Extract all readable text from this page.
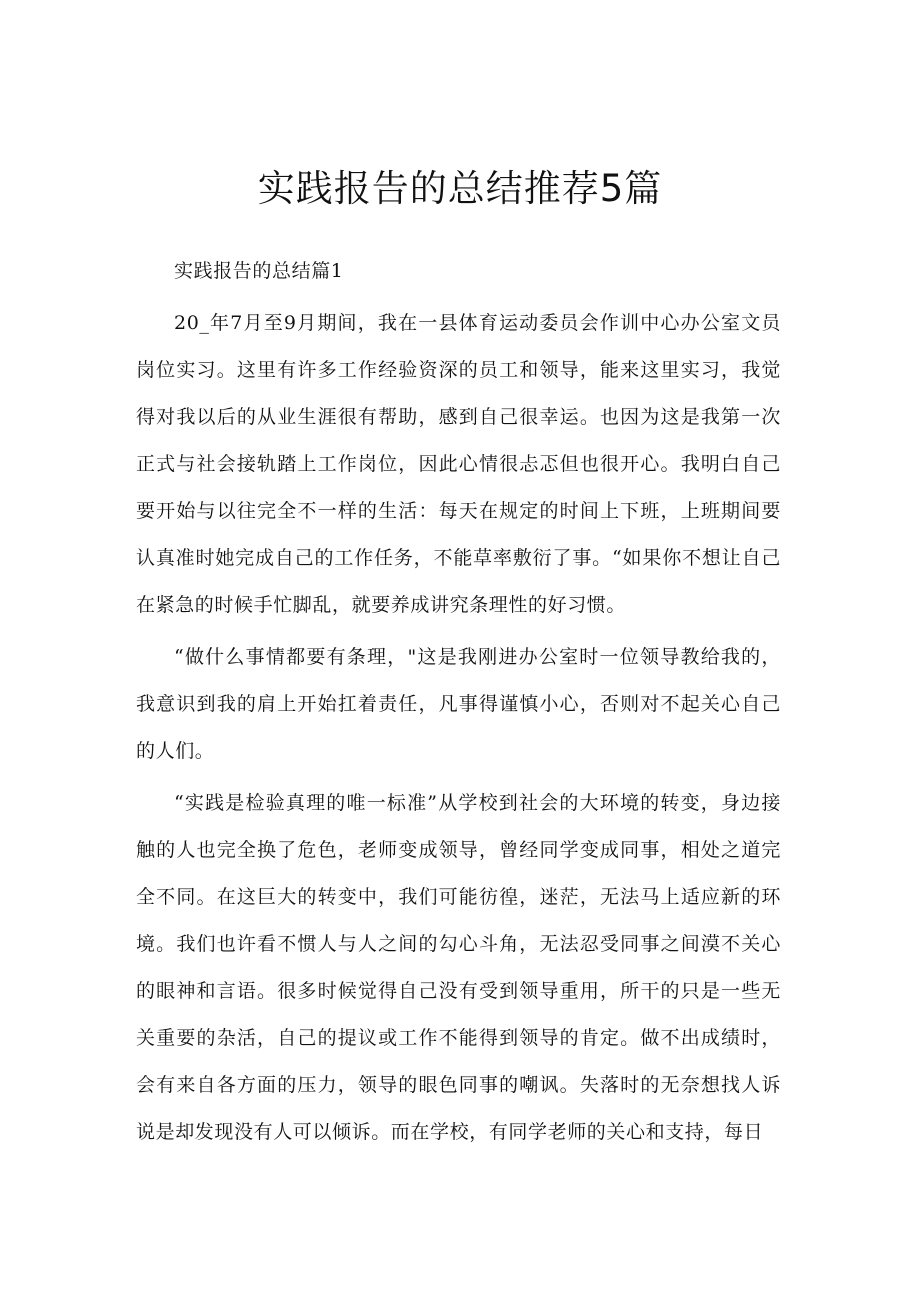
实践报告的总结推荐5篇

实践报告的总结篇1

20_年7月至9月期间，我在一县体育运动委员会作训中心办公室文员岗位实习。这里有许多工作经验资深的员工和领导，能来这里实习，我觉得对我以后的从业生涯很有帮助，感到自己很幸运。也因为这是我第一次正式与社会接轨踏上工作岗位，因此心情很忐忑但也很开心。我明白自己要开始与以往完全不一样的生活：每天在规定的时间上下班，上班期间要认真准时她完成自己的工作任务，不能草率敷衍了事。“如果你不想让自己在紧急的时候手忙脚乱，就要养成讲究条理性的好习惯。

“做什么事情都要有条理，"这是我刚进办公室时一位领导教给我的，我意识到我的肩上开始扛着责任，凡事得谨慎小心，否则对不起关心自己的人们。

“实践是检验真理的唯一标准”从学校到社会的大环境的转变，身边接触的人也完全换了危色，老师变成领导，曾经同学变成同事，相处之道完全不同。在这巨大的转变中，我们可能彷徨，迷茫，无法马上适应新的环境。我们也许看不惯人与人之间的勾心斗角，无法忍受同事之间漠不关心的眼神和言语。很多时候觉得自己没有受到领导重用，所干的只是一些无关重要的杂活，自己的提议或工作不能得到领导的肯定。做不出成绩时，会有来自各方面的压力，领导的眼色同事的嘲讽。失落时的无奈想找人诉说是却发现没有人可以倾诉。而在学校，有同学老师的关心和支持，每日
